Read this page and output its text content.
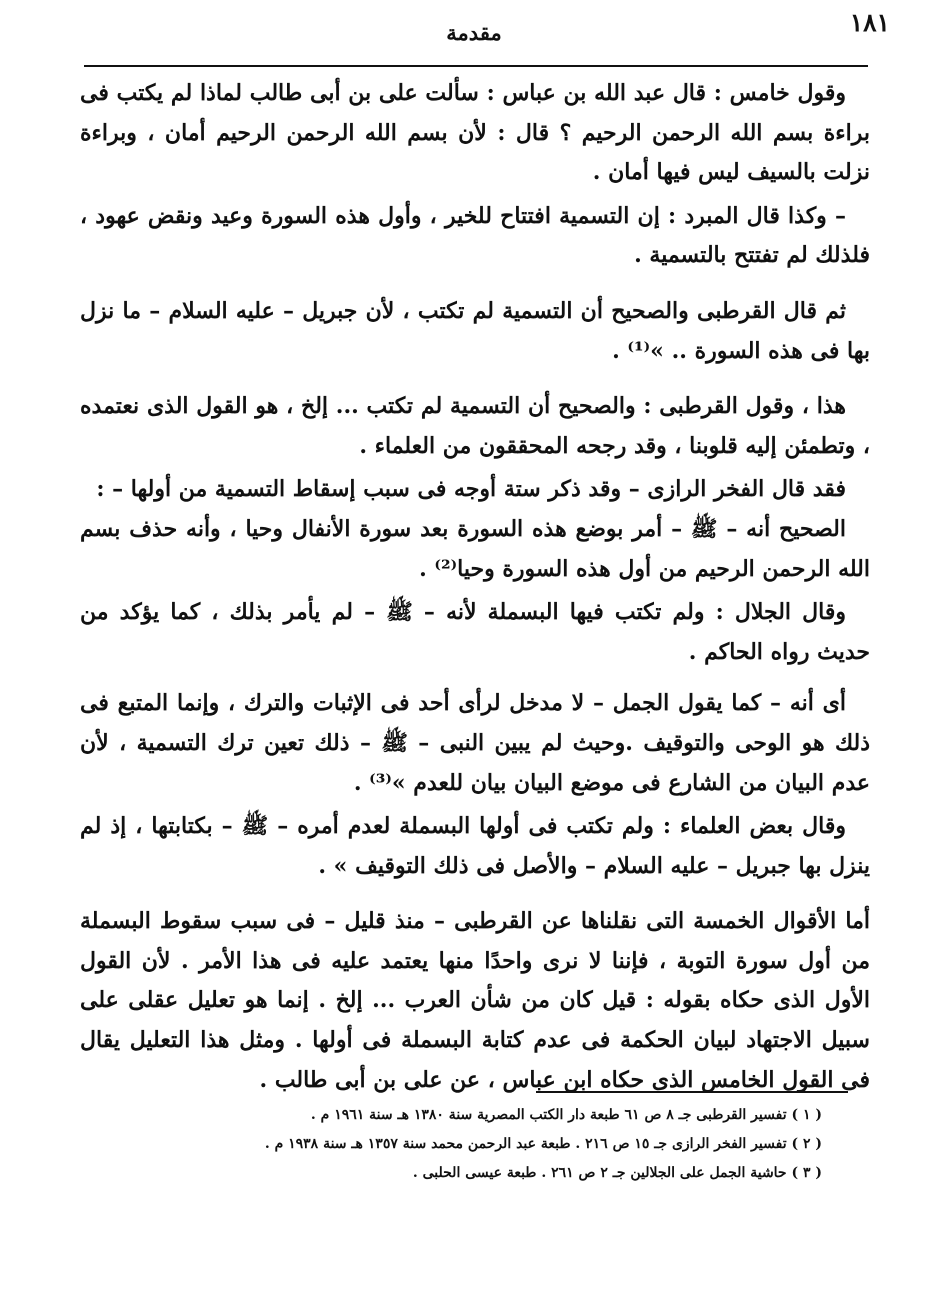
١٨١
مقدمة

وقول خامس : قال عبد الله بن عباس : سألت على بن أبى طالب لماذا لم يكتب فى براءة بسم الله الرحمن الرحيم ؟ قال : لأن بسم الله الرحمن الرحيم أمان ، وبراءة نزلت بالسيف ليس فيها أمان .

– وكذا قال المبرد : إن التسمية افتتاح للخير ، وأول هذه السورة وعيد ونقض عهود ، فلذلك لم تفتتح بالتسمية .

ثم قال القرطبى والصحيح أن التسمية لم تكتب ، لأن جبريل – عليه السلام – ما نزل بها فى هذه السورة .. »⁽¹⁾ .

هذا ، وقول القرطبى : والصحيح أن التسمية لم تكتب ... إلخ ، هو القول الذى نعتمده ، وتطمئن إليه قلوبنا ، وقد رجحه المحققون من العلماء .

فقد قال الفخر الرازى – وقد ذكر ستة أوجه فى سبب إسقاط التسمية من أولها – :

الصحيح أنه – ﷺ – أمر بوضع هذه السورة بعد سورة الأنفال وحيا ، وأنه حذف بسم الله الرحمن الرحيم من أول هذه السورة وحيا⁽²⁾ .

وقال الجلال : ولم تكتب فيها البسملة لأنه – ﷺ – لم يأمر بذلك ، كما يؤكد من حديث رواه الحاكم .

أى أنه – كما يقول الجمل – لا مدخل لرأى أحد فى الإثبات والترك ، وإنما المتبع فى ذلك هو الوحى والتوقيف .وحيث لم يبين النبى – ﷺ – ذلك تعين ترك التسمية ، لأن عدم البيان من الشارع فى موضع البيان بيان للعدم »⁽³⁾ .

وقال بعض العلماء : ولم تكتب فى أولها البسملة لعدم أمره – ﷺ – بكتابتها ، إذ لم ينزل بها جبريل – عليه السلام – والأصل فى ذلك التوقيف » .

أما الأقوال الخمسة التى نقلناها عن القرطبى – منذ قليل – فى سبب سقوط البسملة من أول سورة التوبة ، فإننا لا نرى واحدًا منها يعتمد عليه فى هذا الأمر . لأن القول الأول الذى حكاه بقوله : قيل كان من شأن العرب ... إلخ . إنما هو تعليل عقلى على سبيل الاجتهاد لبيان الحكمة فى عدم كتابة البسملة فى أولها . ومثل هذا التعليل يقال فى القول الخامس الذى حكاه ابن عباس ، عن على بن أبى طالب .

( ١ ) تفسير القرطبى جـ ٨ ص ٦١ طبعة دار الكتب المصرية سنة ١٣٨٠ هـ سنة ١٩٦١ م .

( ٢ ) تفسير الفخر الرازى جـ ١٥ ص ٢١٦ . طبعة عبد الرحمن محمد سنة ١٣٥٧ هـ سنة ١٩٣٨ م .

( ٣ ) حاشية الجمل على الجلالين جـ ٢ ص ٢٦١ . طبعة عيسى الحلبى .
